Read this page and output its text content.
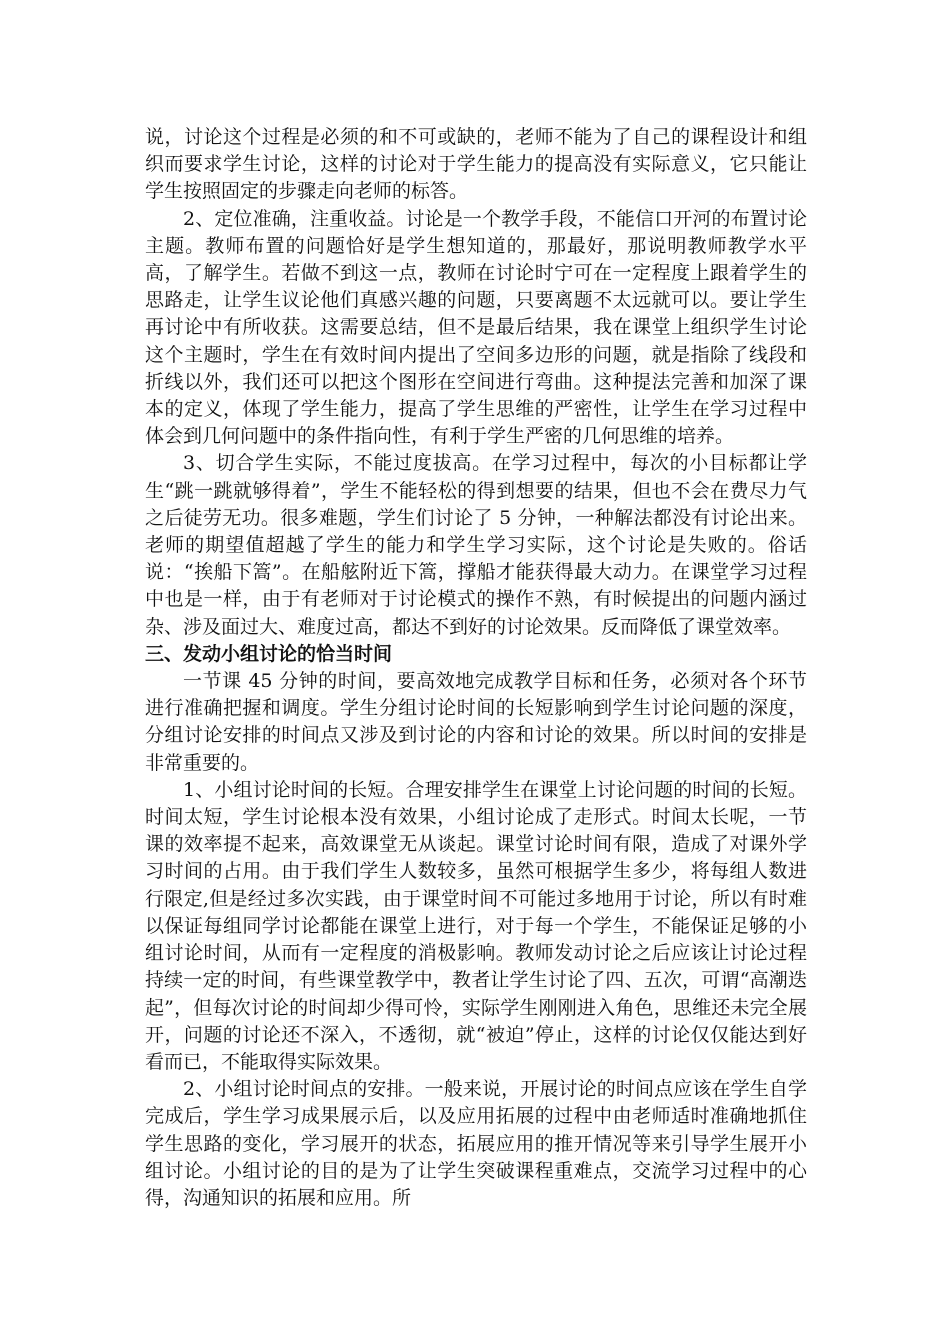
说，讨论这个过程是必须的和不可或缺的，老师不能为了自己的课程设计和组织而要求学生讨论，这样的讨论对于学生能力的提高没有实际意义，它只能让学生按照固定的步骤走向老师的标答。

2、定位准确，注重收益。讨论是一个教学手段，不能信口开河的布置讨论主题。教师布置的问题恰好是学生想知道的，那最好，那说明教师教学水平高，了解学生。若做不到这一点，教师在讨论时宁可在一定程度上跟着学生的思路走，让学生议论他们真感兴趣的问题，只要离题不太远就可以。要让学生再讨论中有所收获。这需要总结，但不是最后结果，我在课堂上组织学生讨论这个主题时，学生在有效时间内提出了空间多边形的问题，就是指除了线段和折线以外，我们还可以把这个图形在空间进行弯曲。这种提法完善和加深了课本的定义，体现了学生能力，提高了学生思维的严密性，让学生在学习过程中体会到几何问题中的条件指向性，有利于学生严密的几何思维的培养。

3、切合学生实际，不能过度拔高。在学习过程中，每次的小目标都让学生“跳一跳就够得着”，学生不能轻松的得到想要的结果，但也不会在费尽力气之后徒劳无功。很多难题，学生们讨论了 5 分钟，一种解法都没有讨论出来。老师的期望值超越了学生的能力和学生学习实际，这个讨论是失败的。俗话说：“挨船下篙”。在船舷附近下篙，撑船才能获得最大动力。在课堂学习过程中也是一样，由于有老师对于讨论模式的操作不熟，有时候提出的问题内涵过杂、涉及面过大、难度过高，都达不到好的讨论效果。反而降低了课堂效率。

三、发动小组讨论的恰当时间

一节课 45 分钟的时间，要高效地完成教学目标和任务，必须对各个环节进行准确把握和调度。学生分组讨论时间的长短影响到学生讨论问题的深度，分组讨论安排的时间点又涉及到讨论的内容和讨论的效果。所以时间的安排是非常重要的。

1、小组讨论时间的长短。合理安排学生在课堂上讨论问题的时间的长短。时间太短，学生讨论根本没有效果，小组讨论成了走形式。时间太长呢，一节课的效率提不起来，高效课堂无从谈起。课堂讨论时间有限，造成了对课外学习时间的占用。由于我们学生人数较多，虽然可根据学生多少，将每组人数进行限定,但是经过多次实践，由于课堂时间不可能过多地用于讨论，所以有时难以保证每组同学讨论都能在课堂上进行，对于每一个学生，不能保证足够的小组讨论时间，从而有一定程度的消极影响。教师发动讨论之后应该让讨论过程持续一定的时间，有些课堂教学中，教者让学生讨论了四、五次，可谓“高潮迭起”，但每次讨论的时间却少得可怜，实际学生刚刚进入角色，思维还未完全展开，问题的讨论还不深入，不透彻，就“被迫”停止，这样的讨论仅仅能达到好看而已，不能取得实际效果。

2、小组讨论时间点的安排。一般来说，开展讨论的时间点应该在学生自学完成后，学生学习成果展示后，以及应用拓展的过程中由老师适时准确地抓住学生思路的变化，学习展开的状态，拓展应用的推开情况等来引导学生展开小组讨论。小组讨论的目的是为了让学生突破课程重难点，交流学习过程中的心得，沟通知识的拓展和应用。所
